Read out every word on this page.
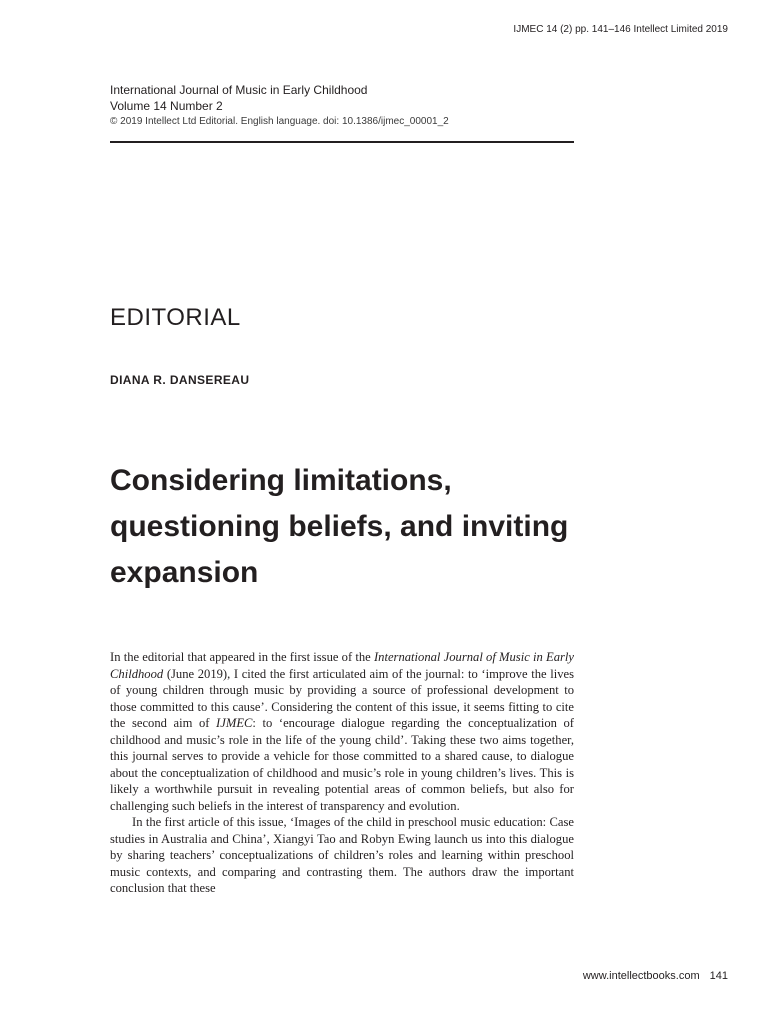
IJMEC 14 (2) pp. 141–146 Intellect Limited 2019
International Journal of Music in Early Childhood
Volume 14 Number 2
© 2019 Intellect Ltd Editorial. English language. doi: 10.1386/ijmec_00001_2
EDITORIAL
DIANA R. DANSEREAU
Considering limitations, questioning beliefs, and inviting expansion

In the editorial that appeared in the first issue of the International Journal of Music in Early Childhood (June 2019), I cited the first articulated aim of the journal: to ‘improve the lives of young children through music by providing a source of professional development to those committed to this cause’. Considering the content of this issue, it seems fitting to cite the second aim of IJMEC: to ‘encourage dialogue regarding the conceptualization of childhood and music’s role in the life of the young child’. Taking these two aims together, this journal serves to provide a vehicle for those committed to a shared cause, to dialogue about the conceptualization of childhood and music’s role in young children’s lives. This is likely a worthwhile pursuit in revealing potential areas of common beliefs, but also for challenging such beliefs in the interest of transparency and evolution.

In the first article of this issue, ‘Images of the child in preschool music education: Case studies in Australia and China’, Xiangyi Tao and Robyn Ewing launch us into this dialogue by sharing teachers’ conceptualizations of children’s roles and learning within preschool music contexts, and comparing and contrasting them. The authors draw the important conclusion that these

www.intellectbooks.com 141
